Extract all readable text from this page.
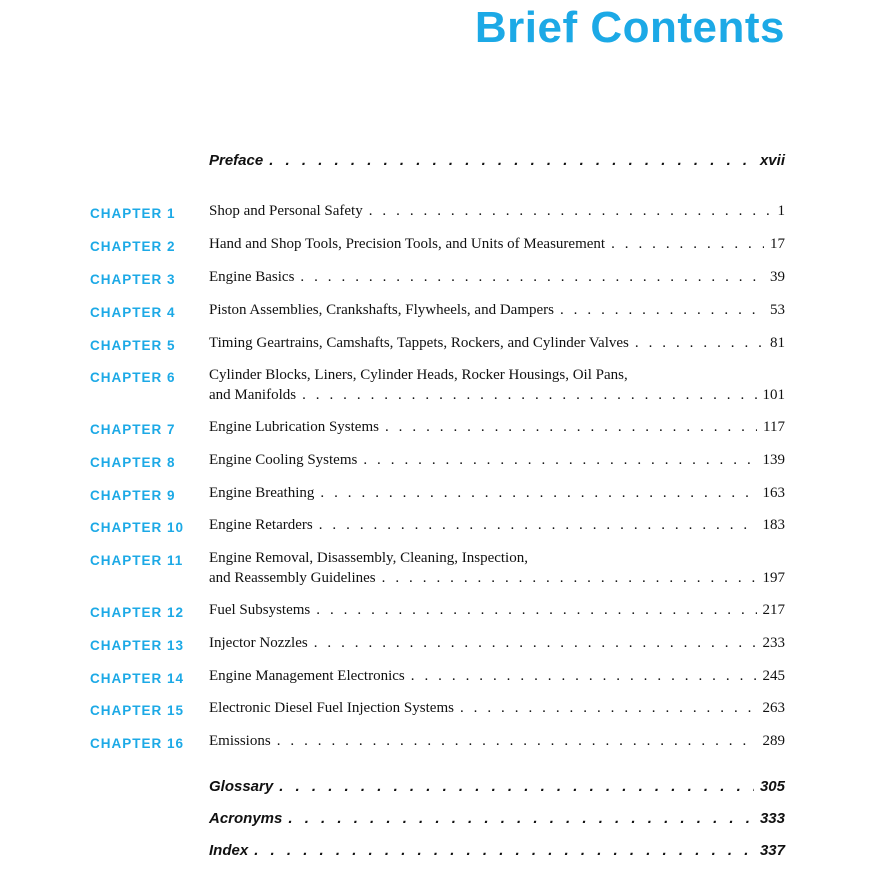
Brief Contents
Preface . . .	xvii
CHAPTER 1 Shop and Personal Safety . . .	1
CHAPTER 2 Hand and Shop Tools, Precision Tools, and Units of Measurement . . .	17
CHAPTER 3 Engine Basics . . .	39
CHAPTER 4 Piston Assemblies, Crankshafts, Flywheels, and Dampers . . .	53
CHAPTER 5 Timing Geartrains, Camshafts, Tappets, Rockers, and Cylinder Valves . . .	81
CHAPTER 6 Cylinder Blocks, Liners, Cylinder Heads, Rocker Housings, Oil Pans,
and Manifolds . . .	101
CHAPTER 7 Engine Lubrication Systems . . .	117
CHAPTER 8 Engine Cooling Systems . . .	139
CHAPTER 9 Engine Breathing . . .	163
CHAPTER 10 Engine Retarders . . .	183
CHAPTER 11 Engine Removal, Disassembly, Cleaning, Inspection,
and Reassembly Guidelines . . .	197
CHAPTER 12 Fuel Subsystems . . .	217
CHAPTER 13 Injector Nozzles . . .	233
CHAPTER 14 Engine Management Electronics . . .	245
CHAPTER 15 Electronic Diesel Fuel Injection Systems . . .	263
CHAPTER 16 Emissions . . .	289
Glossary . . .	305
Acronyms . . .	333
Index . . .	337
